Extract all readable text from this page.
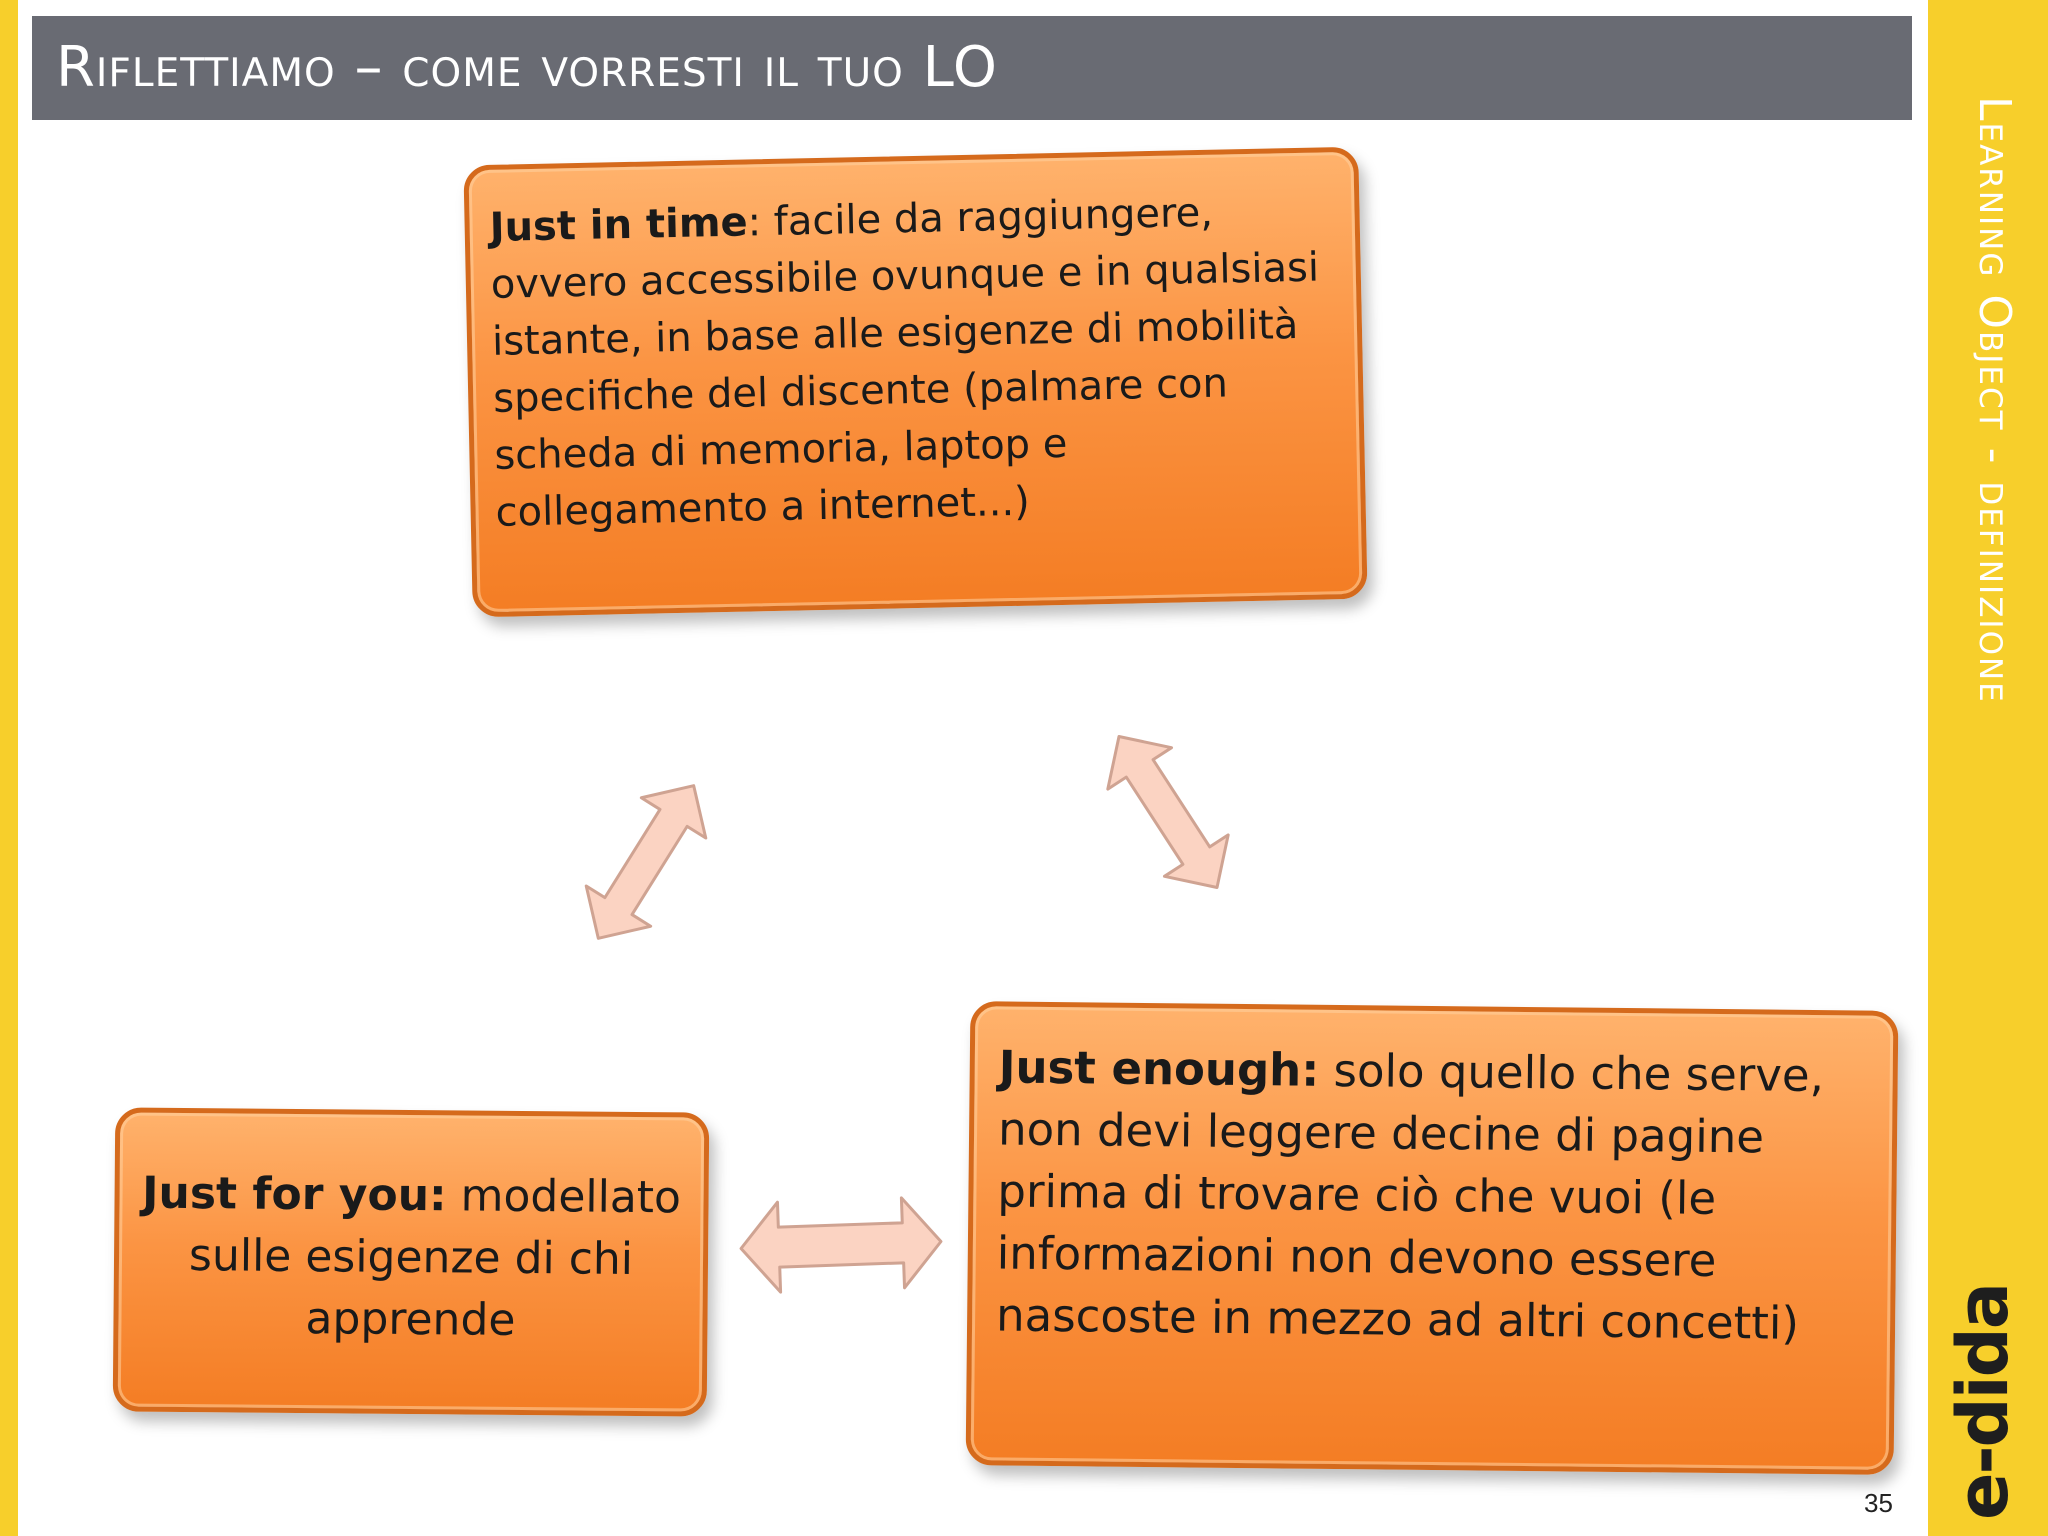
Riflettiamo – come vorresti il tuo LO
Learning Object - definizione
e-dida
Just in time: facile da raggiungere, ovvero accessibile ovunque e in qualsiasi istante, in base alle esigenze di mobilità specifiche del discente (palmare con scheda di memoria, laptop e collegamento a internet...)
Just enough: solo quello che serve, non devi leggere decine di pagine prima di trovare ciò che vuoi (le informazioni non devono essere nascoste in mezzo ad altri concetti)
Just for you: modellato sulle esigenze di chi apprende
35
